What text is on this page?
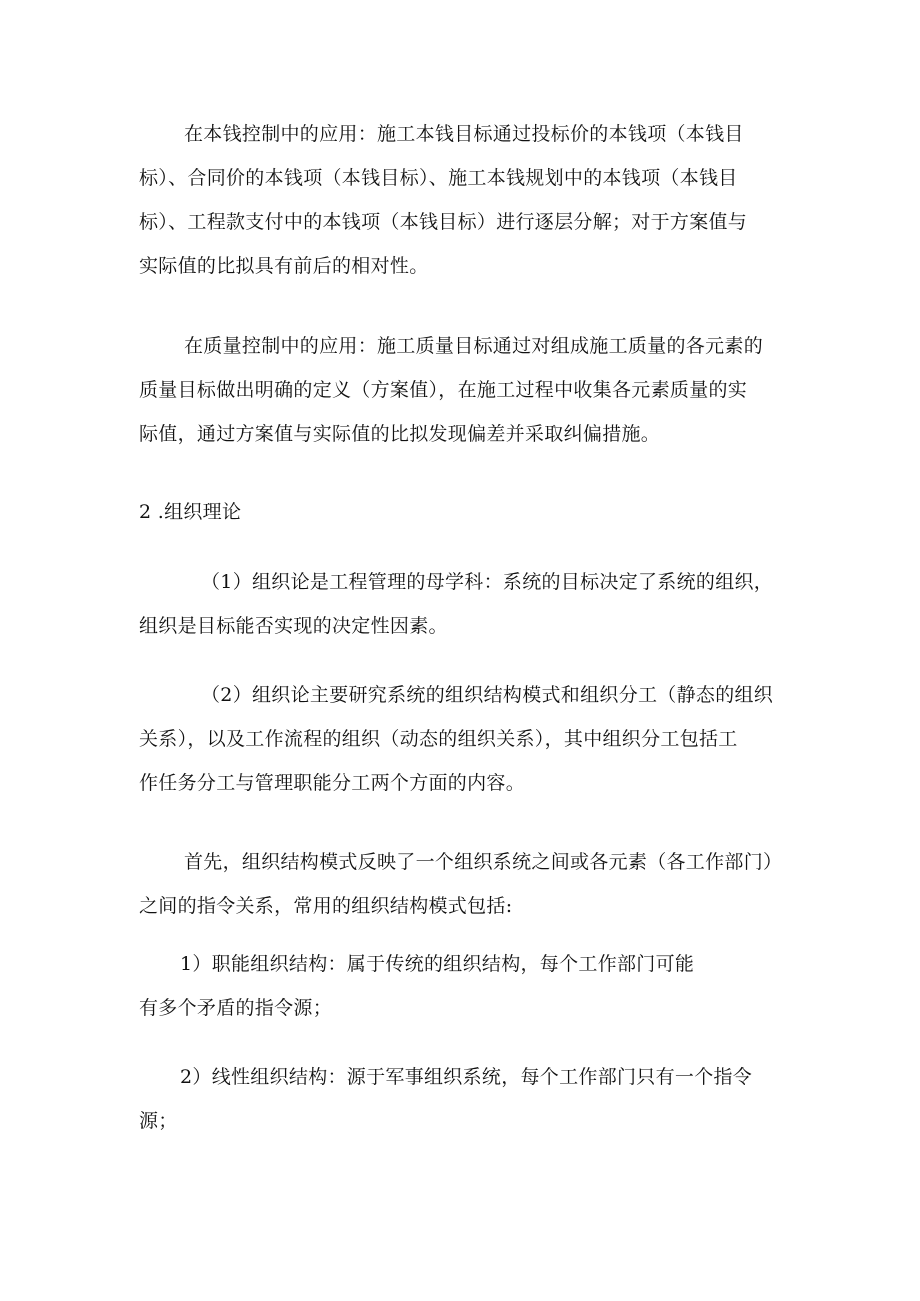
在本钱控制中的应用：施工本钱目标通过投标价的本钱项（本钱目
标）、合同价的本钱项（本钱目标）、施工本钱规划中的本钱项（本钱目
标）、工程款支付中的本钱项（本钱目标）进行逐层分解；对于方案值与
实际值的比拟具有前后的相对性。
在质量控制中的应用：施工质量目标通过对组成施工质量的各元素的
质量目标做出明确的定义（方案值），在施工过程中收集各元素质量的实
际值，通过方案值与实际值的比拟发现偏差并采取纠偏措施。
2 .组织理论
（1）组织论是工程管理的母学科：系统的目标决定了系统的组织，
组织是目标能否实现的决定性因素。
（2）组织论主要研究系统的组织结构模式和组织分工（静态的组织
关系），以及工作流程的组织（动态的组织关系），其中组织分工包括工
作任务分工与管理职能分工两个方面的内容。
首先，组织结构模式反映了一个组织系统之间或各元素（各工作部门）
之间的指令关系，常用的组织结构模式包括:
1）职能组织结构：属于传统的组织结构，每个工作部门可能
有多个矛盾的指令源；
2）线性组织结构：源于军事组织系统，每个工作部门只有一个指令
源；
